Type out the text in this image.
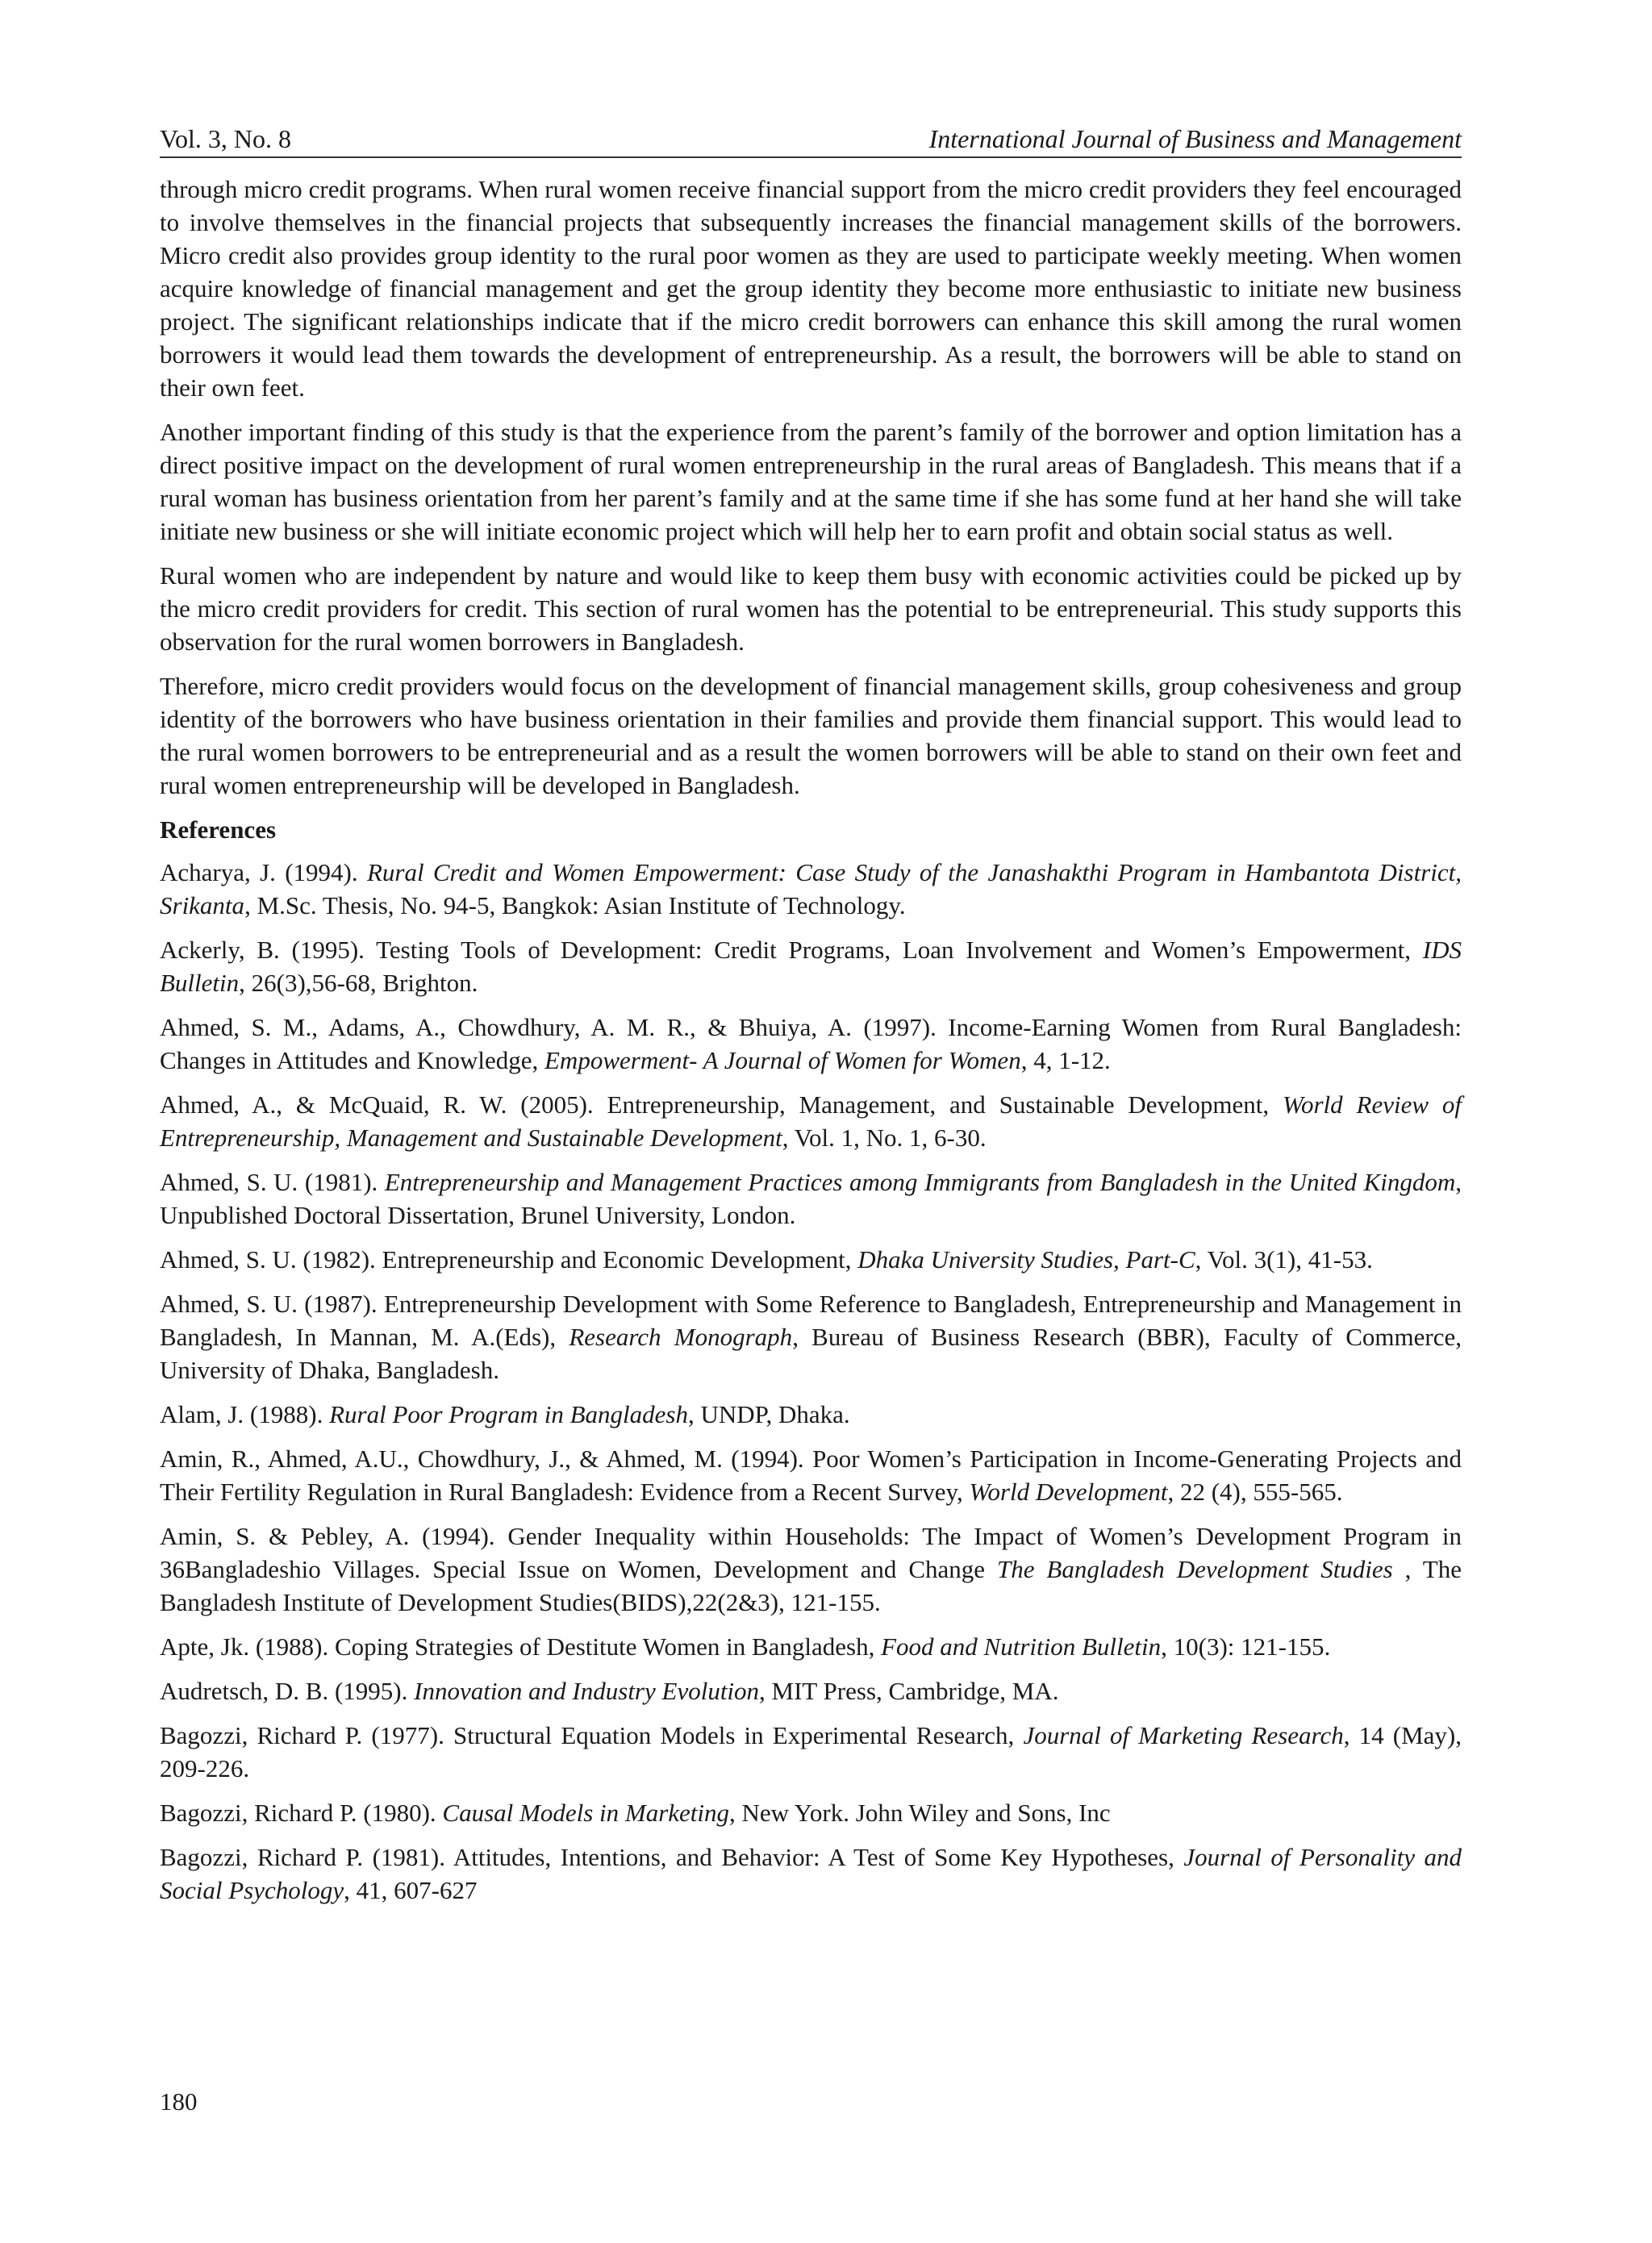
Vol. 3, No. 8	International Journal of Business and Management

through micro credit programs. When rural women receive financial support from the micro credit providers they feel encouraged to involve themselves in the financial projects that subsequently increases the financial management skills of the borrowers. Micro credit also provides group identity to the rural poor women as they are used to participate weekly meeting. When women acquire knowledge of financial management and get the group identity they become more enthusiastic to initiate new business project. The significant relationships indicate that if the micro credit borrowers can enhance this skill among the rural women borrowers it would lead them towards the development of entrepreneurship. As a result, the borrowers will be able to stand on their own feet.

Another important finding of this study is that the experience from the parent’s family of the borrower and option limitation has a direct positive impact on the development of rural women entrepreneurship in the rural areas of Bangladesh. This means that if a rural woman has business orientation from her parent’s family and at the same time if she has some fund at her hand she will take initiate new business or she will initiate economic project which will help her to earn profit and obtain social status as well.

Rural women who are independent by nature and would like to keep them busy with economic activities could be picked up by the micro credit providers for credit. This section of rural women has the potential to be entrepreneurial. This study supports this observation for the rural women borrowers in Bangladesh.

Therefore, micro credit providers would focus on the development of financial management skills, group cohesiveness and group identity of the borrowers who have business orientation in their families and provide them financial support. This would lead to the rural women borrowers to be entrepreneurial and as a result the women borrowers will be able to stand on their own feet and rural women entrepreneurship will be developed in Bangladesh.

References
Acharya, J. (1994). Rural Credit and Women Empowerment: Case Study of the Janashakthi Program in Hambantota District, Srikanta, M.Sc. Thesis, No. 94-5, Bangkok: Asian Institute of Technology.
Ackerly, B. (1995). Testing Tools of Development: Credit Programs, Loan Involvement and Women’s Empowerment, IDS Bulletin, 26(3),56-68, Brighton.
Ahmed, S. M., Adams, A., Chowdhury, A. M. R., & Bhuiya, A. (1997). Income-Earning Women from Rural Bangladesh: Changes in Attitudes and Knowledge, Empowerment- A Journal of Women for Women, 4, 1-12.
Ahmed, A., & McQuaid, R. W. (2005). Entrepreneurship, Management, and Sustainable Development, World Review of Entrepreneurship, Management and Sustainable Development, Vol. 1, No. 1, 6-30.
Ahmed, S. U. (1981). Entrepreneurship and Management Practices among Immigrants from Bangladesh in the United Kingdom, Unpublished Doctoral Dissertation, Brunel University, London.
Ahmed, S. U. (1982). Entrepreneurship and Economic Development, Dhaka University Studies, Part-C, Vol. 3(1), 41-53.
Ahmed, S. U. (1987). Entrepreneurship Development with Some Reference to Bangladesh, Entrepreneurship and Management in Bangladesh, In Mannan, M. A.(Eds), Research Monograph, Bureau of Business Research (BBR), Faculty of Commerce, University of Dhaka, Bangladesh.
Alam, J. (1988). Rural Poor Program in Bangladesh, UNDP, Dhaka.
Amin, R., Ahmed, A.U., Chowdhury, J., & Ahmed, M. (1994). Poor Women’s Participation in Income-Generating Projects and Their Fertility Regulation in Rural Bangladesh: Evidence from a Recent Survey, World Development, 22 (4), 555-565.
Amin, S. & Pebley, A. (1994). Gender Inequality within Households: The Impact of Women’s Development Program in 36Bangladeshio Villages. Special Issue on Women, Development and Change The Bangladesh Development Studies , The Bangladesh Institute of Development Studies(BIDS),22(2&3), 121-155.
Apte, Jk. (1988). Coping Strategies of Destitute Women in Bangladesh, Food and Nutrition Bulletin, 10(3): 121-155.
Audretsch, D. B. (1995). Innovation and Industry Evolution, MIT Press, Cambridge, MA.
Bagozzi, Richard P. (1977). Structural Equation Models in Experimental Research, Journal of Marketing Research, 14 (May), 209-226.
Bagozzi, Richard P. (1980). Causal Models in Marketing, New York. John Wiley and Sons, Inc
Bagozzi, Richard P. (1981). Attitudes, Intentions, and Behavior: A Test of Some Key Hypotheses, Journal of Personality and Social Psychology, 41, 607-627
180
